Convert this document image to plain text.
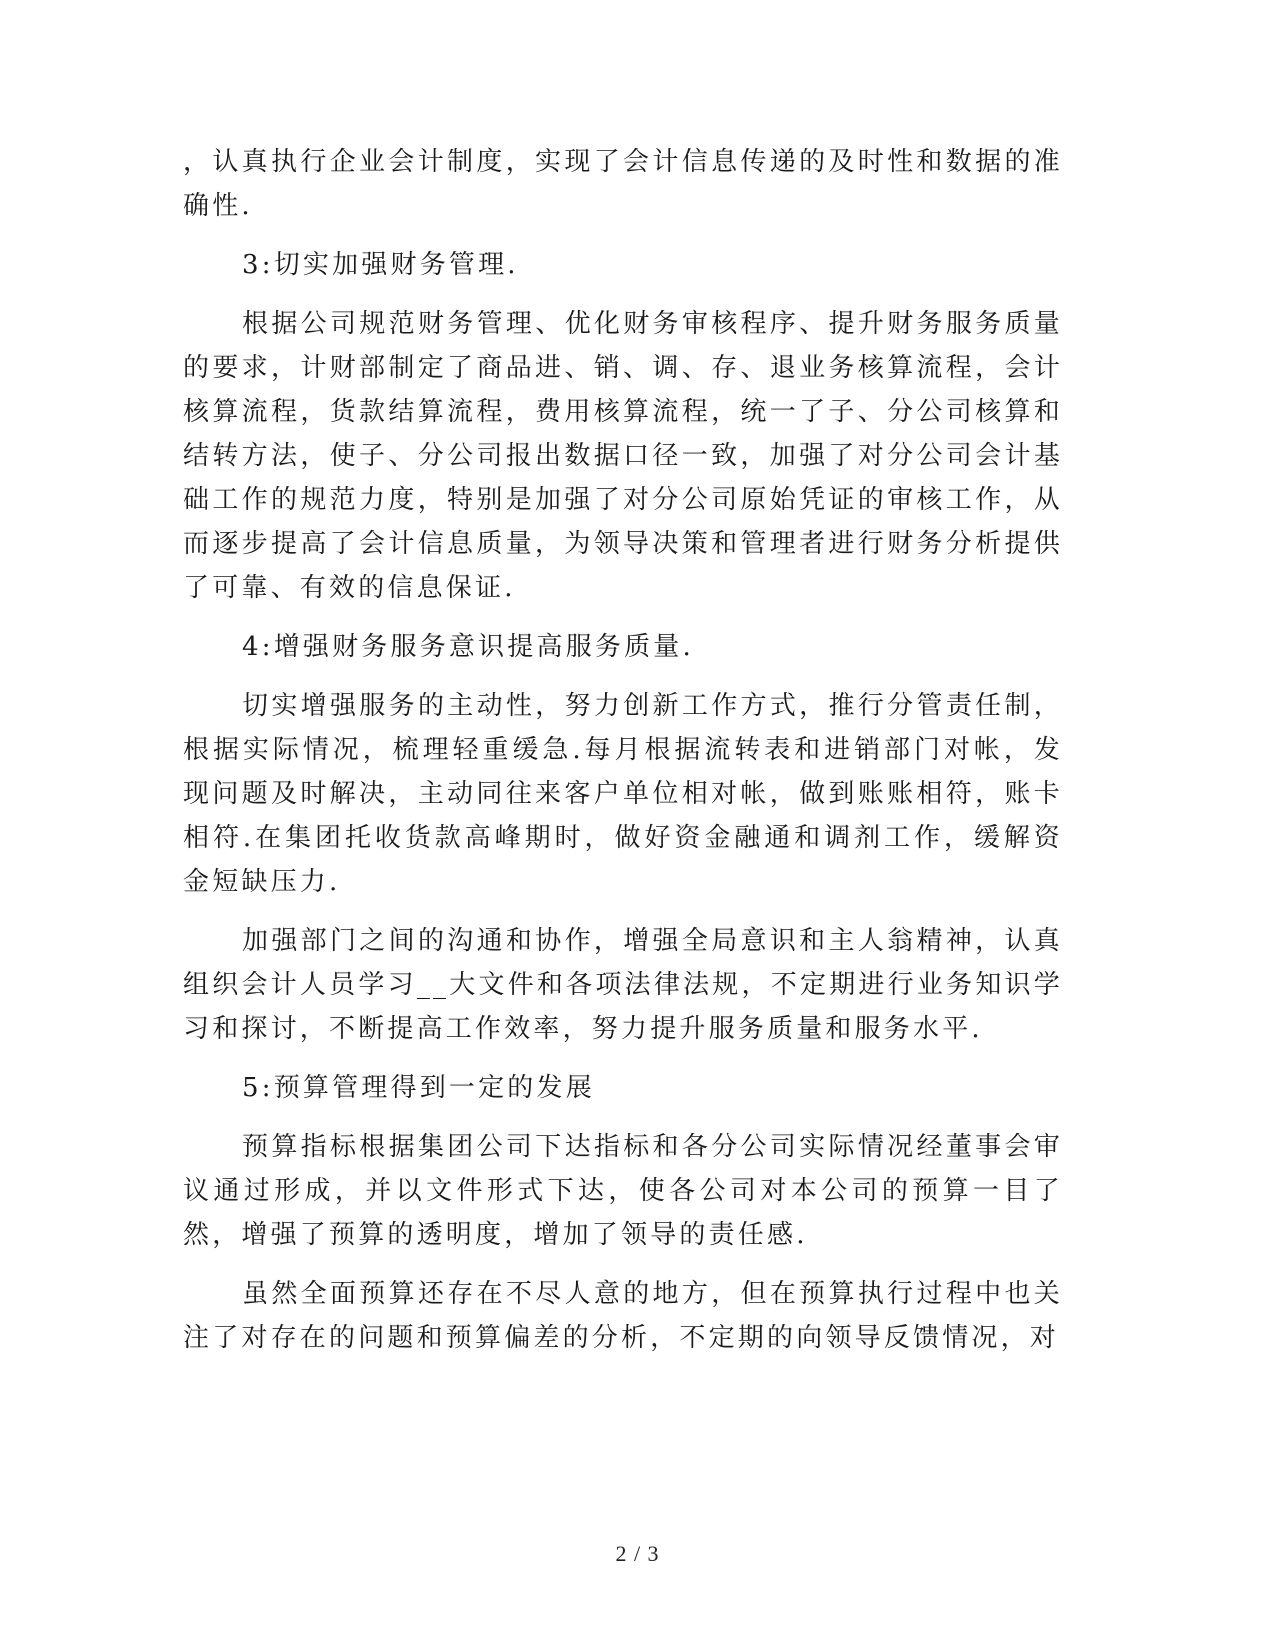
，认真执行企业会计制度，实现了会计信息传递的及时性和数据的准确性.

3:切实加强财务管理.

根据公司规范财务管理、优化财务审核程序、提升财务服务质量的要求，计财部制定了商品进、销、调、存、退业务核算流程，会计核算流程，货款结算流程，费用核算流程，统一了子、分公司核算和结转方法，使子、分公司报出数据口径一致，加强了对分公司会计基础工作的规范力度，特别是加强了对分公司原始凭证的审核工作，从而逐步提高了会计信息质量，为领导决策和管理者进行财务分析提供了可靠、有效的信息保证.

4:增强财务服务意识提高服务质量.

切实增强服务的主动性，努力创新工作方式，推行分管责任制，根据实际情况，梳理轻重缓急.每月根据流转表和进销部门对帐，发现问题及时解决，主动同往来客户单位相对帐，做到账账相符，账卡相符.在集团托收货款高峰期时，做好资金融通和调剂工作，缓解资金短缺压力.

加强部门之间的沟通和协作，增强全局意识和主人翁精神，认真组织会计人员学习__大文件和各项法律法规，不定期进行业务知识学习和探讨，不断提高工作效率，努力提升服务质量和服务水平.

5:预算管理得到一定的发展

预算指标根据集团公司下达指标和各分公司实际情况经董事会审议通过形成，并以文件形式下达，使各公司对本公司的预算一目了然，增强了预算的透明度，增加了领导的责任感.

虽然全面预算还存在不尽人意的地方，但在预算执行过程中也关注了对存在的问题和预算偏差的分析，不定期的向领导反馈情况，对

2 / 3
